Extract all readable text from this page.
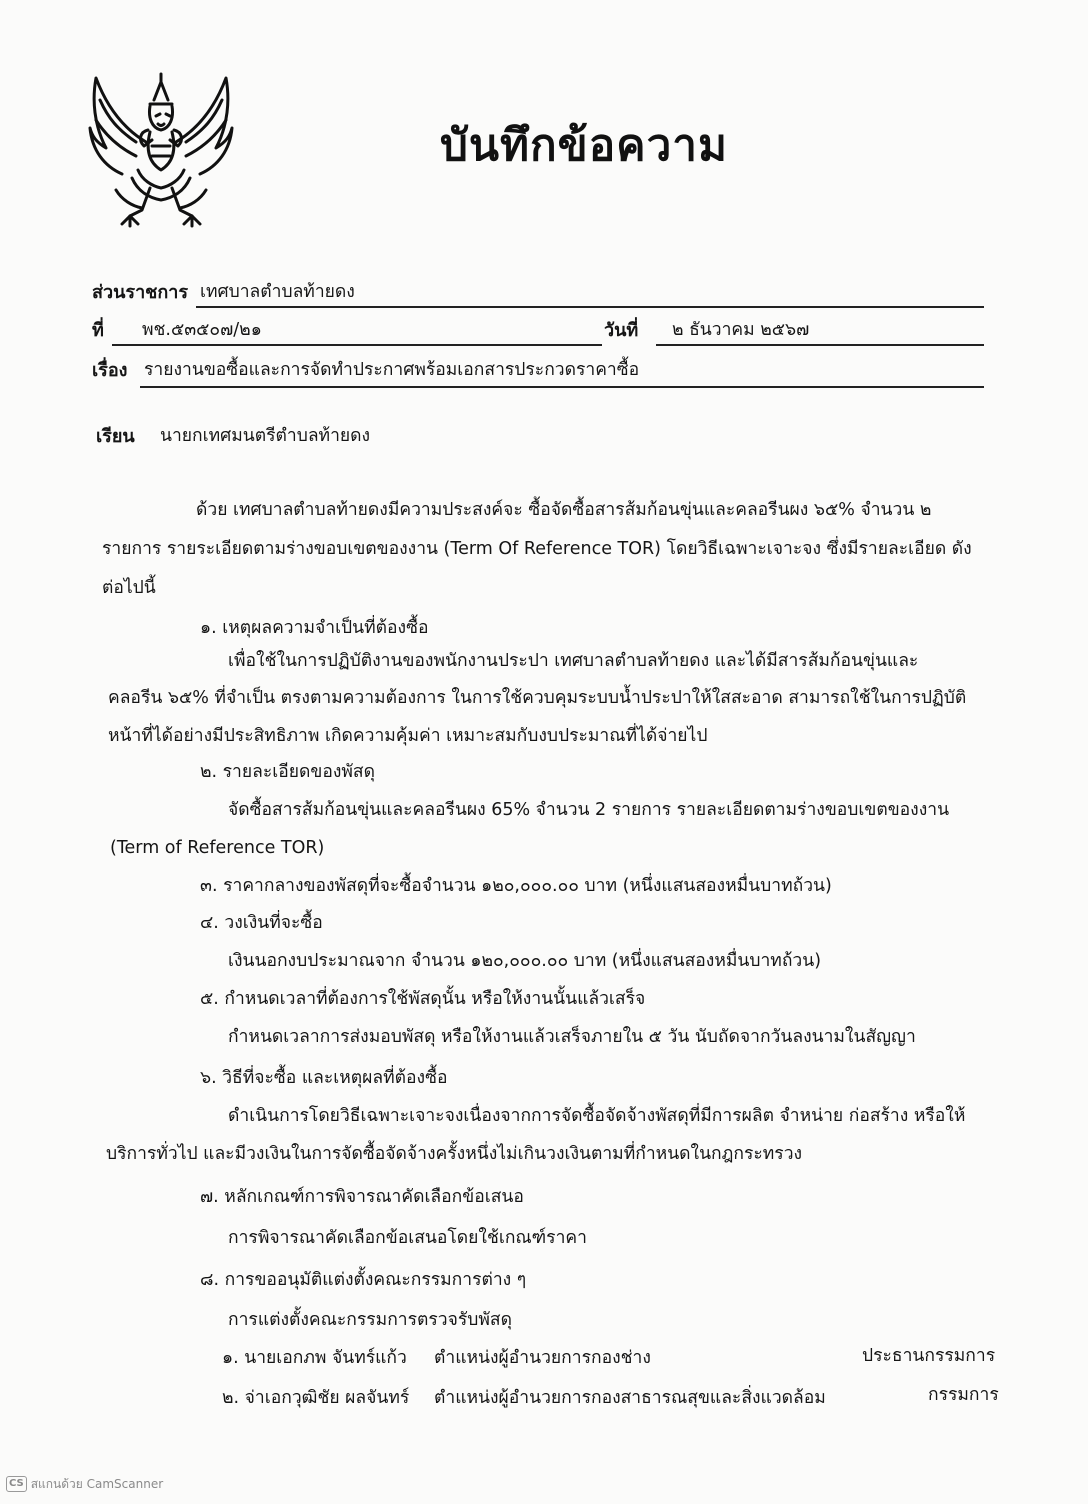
บันทึกข้อความ
ส่วนราชการ เทศบาลตำบลท้ายดง
ที่ พช.๕๓๕๐๗/๒๑	วันที่ ๒ ธันวาคม ๒๕๖๗
เรื่อง รายงานขอซื้อและการจัดทำประกาศพร้อมเอกสารประกวดราคาซื้อ
เรียน นายกเทศมนตรีตำบลท้ายดง
ด้วย เทศบาลตำบลท้ายดงมีความประสงค์จะ ซื้อจัดซื้อสารส้มก้อนขุ่นและคลอรีนผง ๖๕% จำนวน ๒
รายการ รายระเอียดตามร่างขอบเขตของงาน (Term Of Reference TOR) โดยวิธีเฉพาะเจาะจง ซึ่งมีรายละเอียด ดัง
ต่อไปนี้
๑. เหตุผลความจำเป็นที่ต้องซื้อ
เพื่อใช้ในการปฏิบัติงานของพนักงานประปา เทศบาลตำบลท้ายดง และได้มีสารส้มก้อนขุ่นและ
คลอรีน ๖๕% ที่จำเป็น ตรงตามความต้องการ ในการใช้ควบคุมระบบน้ำประปาให้ใสสะอาด สามารถใช้ในการปฏิบัติ
หน้าที่ได้อย่างมีประสิทธิภาพ เกิดความคุ้มค่า เหมาะสมกับงบประมาณที่ได้จ่ายไป
๒. รายละเอียดของพัสดุ
จัดซื้อสารส้มก้อนขุ่นและคลอรีนผง 65% จำนวน 2 รายการ รายละเอียดตามร่างขอบเขตของงาน
(Term of Reference TOR)
๓. ราคากลางของพัสดุที่จะซื้อจำนวน ๑๒๐,๐๐๐.๐๐ บาท (หนึ่งแสนสองหมื่นบาทถ้วน)
๔. วงเงินที่จะซื้อ
เงินนอกงบประมาณจาก จำนวน ๑๒๐,๐๐๐.๐๐ บาท (หนึ่งแสนสองหมื่นบาทถ้วน)
๕. กำหนดเวลาที่ต้องการใช้พัสดุนั้น หรือให้งานนั้นแล้วเสร็จ
กำหนดเวลาการส่งมอบพัสดุ หรือให้งานแล้วเสร็จภายใน ๕ วัน นับถัดจากวันลงนามในสัญญา
๖. วิธีที่จะซื้อ และเหตุผลที่ต้องซื้อ
ดำเนินการโดยวิธีเฉพาะเจาะจงเนื่องจากการจัดซื้อจัดจ้างพัสดุที่มีการผลิต จำหน่าย ก่อสร้าง หรือให้
บริการทั่วไป และมีวงเงินในการจัดซื้อจัดจ้างครั้งหนึ่งไม่เกินวงเงินตามที่กำหนดในกฎกระทรวง
๗. หลักเกณฑ์การพิจารณาคัดเลือกข้อเสนอ
การพิจารณาคัดเลือกข้อเสนอโดยใช้เกณฑ์ราคา
๘. การขออนุมัติแต่งตั้งคณะกรรมการต่าง ๆ
การแต่งตั้งคณะกรรมการตรวจรับพัสดุ
๑. นายเอกภพ จันทร์แก้ว ตำแหน่งผู้อำนวยการกองช่าง	ประธานกรรมการ
๒. จ่าเอกวุฒิชัย ผลจันทร์ ตำแหน่งผู้อำนวยการกองสาธารณสุขและสิ่งแวดล้อม	กรรมการ
CS สแกนด้วย CamScanner
